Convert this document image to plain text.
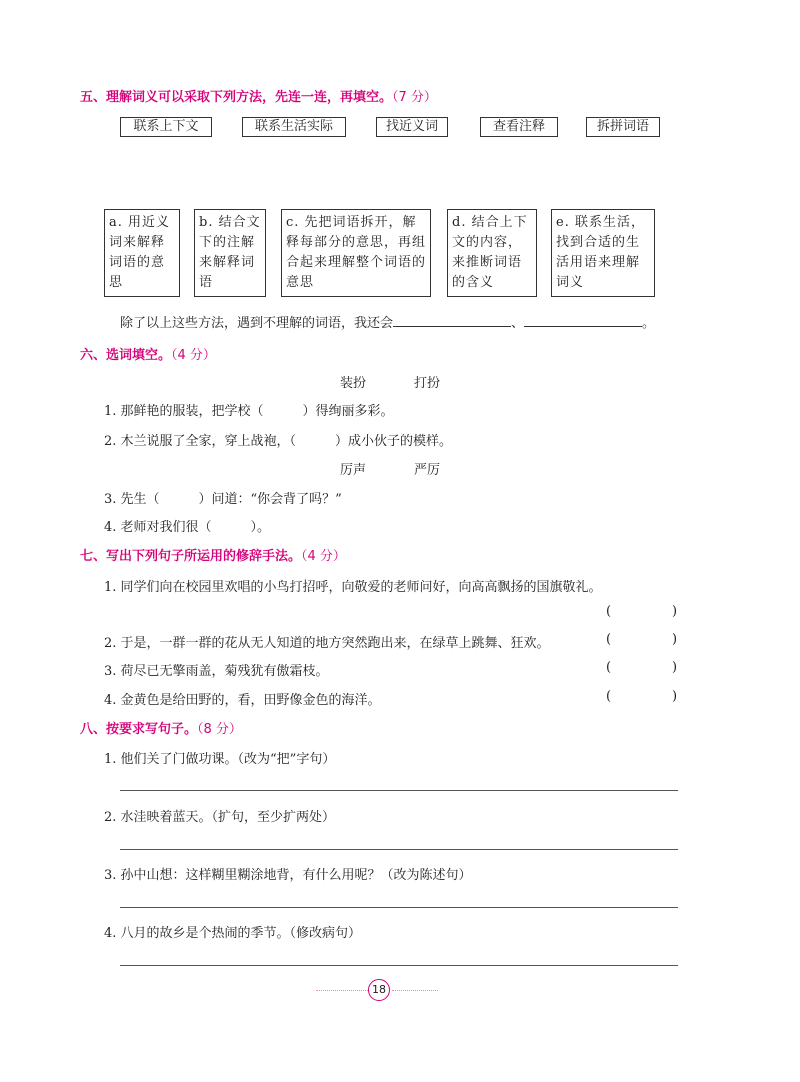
五、理解词义可以采取下列方法，先连一连，再填空。（7 分）
联系上下文	联系生活实际	找近义词	查看注释	拆拼词语
a. 用近义词来解释词语的意思
b. 结合文下的注解来解释词语
c. 先把词语拆开，解释每部分的意思，再组合起来理解整个词语的意思
d. 结合上下文的内容，来推断词语的含义
e. 联系生活，找到合适的生活用语来理解词义
除了以上这些方法，遇到不理解的词语，我还会	、	。
六、选词填空。（4 分）
装扮	打扮
1. 那鲜艳的服装，把学校（　　　）得绚丽多彩。
2. 木兰说服了全家，穿上战袍，（　　　）成小伙子的模样。
厉声	严厉
3. 先生（　　　）问道：“你会背了吗？”
4. 老师对我们很（　　　）。
七、写出下列句子所运用的修辞手法。（4 分）
1. 同学们向在校园里欢唱的小鸟打招呼，向敬爱的老师问好，向高高飘扬的国旗敬礼。
(	)
2. 于是，一群一群的花从无人知道的地方突然跑出来，在绿草上跳舞、狂欢。	(	)
3. 荷尽已无擎雨盖，菊残犹有傲霜枝。	(	)
4. 金黄色是给田野的，看，田野像金色的海洋。	(	)
八、按要求写句子。（8 分）
1. 他们关了门做功课。（改为“把”字句）
2. 水洼映着蓝天。（扩句，至少扩两处）
3. 孙中山想：这样糊里糊涂地背，有什么用呢？（改为陈述句）
4. 八月的故乡是个热闹的季节。（修改病句）
18
